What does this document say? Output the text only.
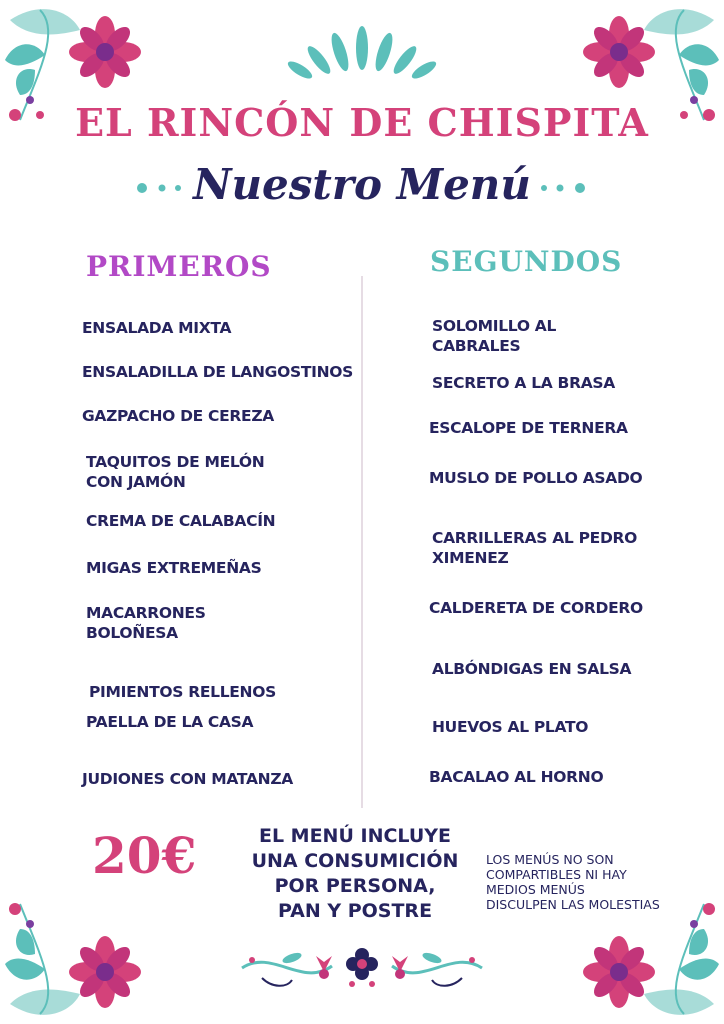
EL RINCÓN DE CHISPITA
Nuestro Menú
PRIMEROS	SEGUNDOS
ENSALADA MIXTA
ENSALADILLA DE LANGOSTINOS
GAZPACHO DE CEREZA
TAQUITOS DE MELÓN
CON JAMÓN
CREMA DE CALABACÍN
MIGAS EXTREMEÑAS
MACARRONES
BOLOÑESA
PIMIENTOS RELLENOS
PAELLA DE LA CASA
JUDIONES CON MATANZA
SOLOMILLO AL
CABRALES
SECRETO A LA BRASA
ESCALOPE DE TERNERA
MUSLO DE POLLO ASADO
CARRILLERAS AL PEDRO
XIMENEZ
CALDERETA DE CORDERO
ALBÓNDIGAS EN SALSA
HUEVOS AL PLATO
BACALAO AL HORNO
20€	EL MENÚ INCLUYE
UNA CONSUMICIÓN
POR PERSONA,
PAN Y POSTRE
LOS MENÚS NO SON
COMPARTIBLES NI HAY
MEDIOS MENÚS
DISCULPEN LAS MOLESTIAS
